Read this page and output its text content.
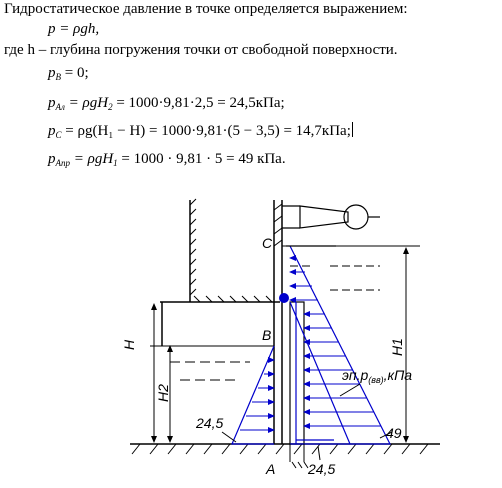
Гидростатическое давление в точке определяется выражением:
p = ρgh,
где h – глубина погружения точки от свободной поверхности.
$p_B = 0$;
$p_{Ал} = \rho gH_2 = 1000\cdot 9,81\cdot 2,5 = 24,5кПа$;
$p_C = \rho g(H_1 - H) = 1000\cdot 9,81\cdot(5 - 3,5) = 14,7кПа$;
$p_{Апр} = \rho gH_1 = 1000 \cdot 9,81 \cdot 5 = 49$ кПа.
C
B
A
H
H2
H1
24,5
49
24,5
$эп.p_{(вв)},кПа$
